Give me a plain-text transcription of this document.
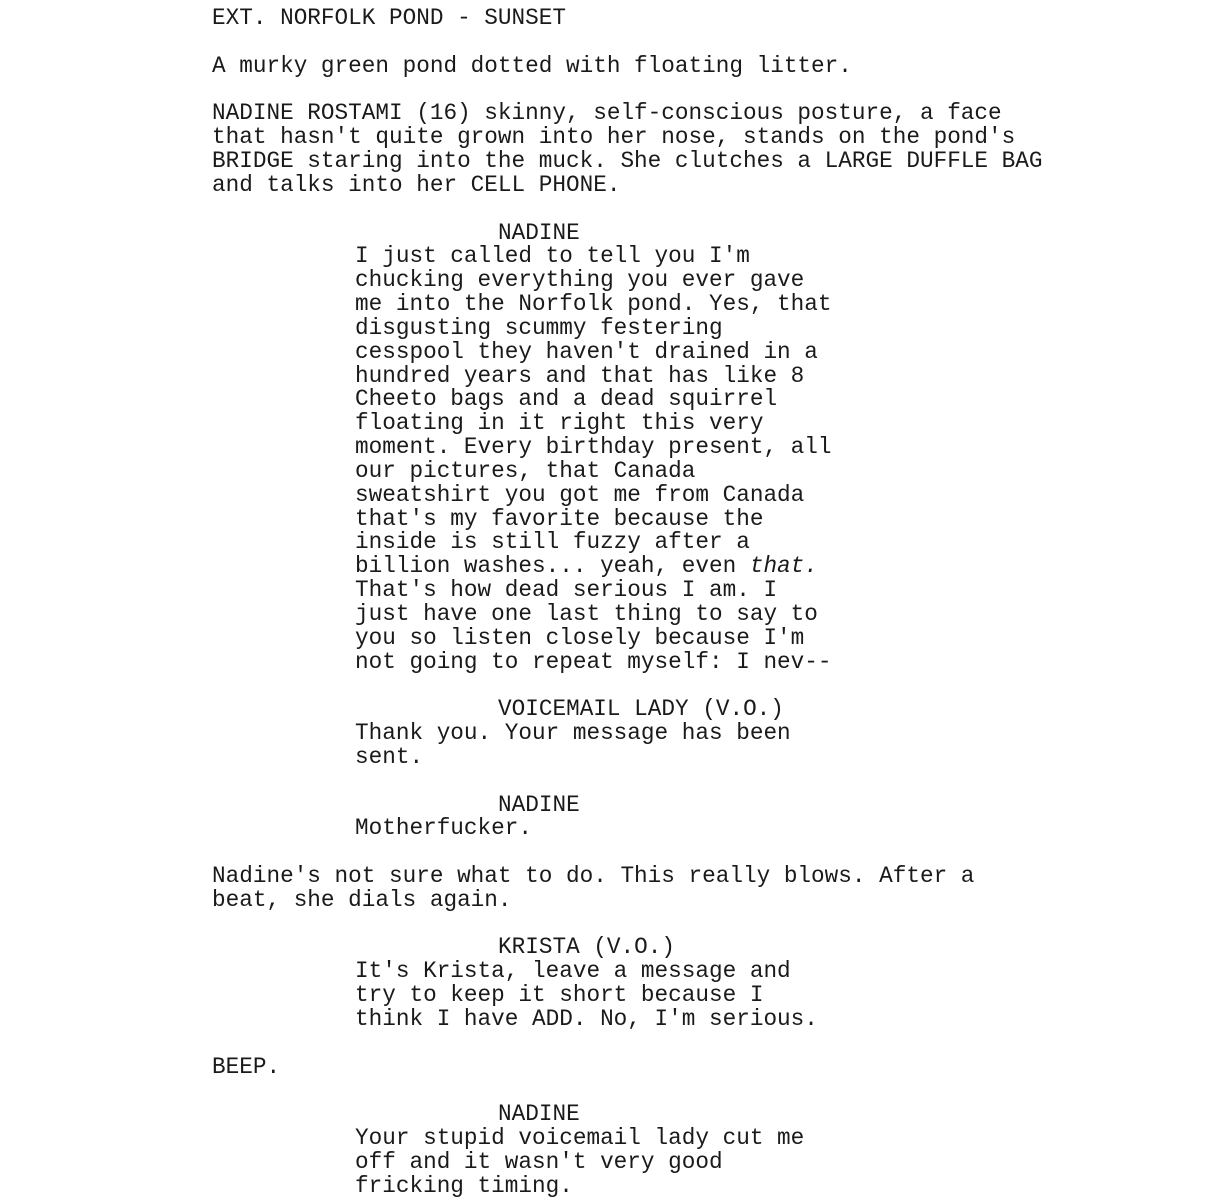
EXT. NORFOLK POND - SUNSET
A murky green pond dotted with floating litter.
NADINE ROSTAMI (16) skinny, self-conscious posture, a face
that hasn't quite grown into her nose, stands on the pond's
BRIDGE staring into the muck. She clutches a LARGE DUFFLE BAG
and talks into her CELL PHONE.
NADINE
I just called to tell you I'm
chucking everything you ever gave
me into the Norfolk pond. Yes, that
disgusting scummy festering
cesspool they haven't drained in a
hundred years and that has like 8
Cheeto bags and a dead squirrel
floating in it right this very
moment. Every birthday present, all
our pictures, that Canada
sweatshirt you got me from Canada
that's my favorite because the
inside is still fuzzy after a
billion washes... yeah, even that.
That's how dead serious I am. I
just have one last thing to say to
you so listen closely because I'm
not going to repeat myself: I nev--
VOICEMAIL LADY (V.O.)
Thank you. Your message has been
sent.
NADINE
Motherfucker.
Nadine's not sure what to do. This really blows. After a
beat, she dials again.
KRISTA (V.O.)
It's Krista, leave a message and
try to keep it short because I
think I have ADD. No, I'm serious.
BEEP.
NADINE
Your stupid voicemail lady cut me
off and it wasn't very good
fricking timing.
